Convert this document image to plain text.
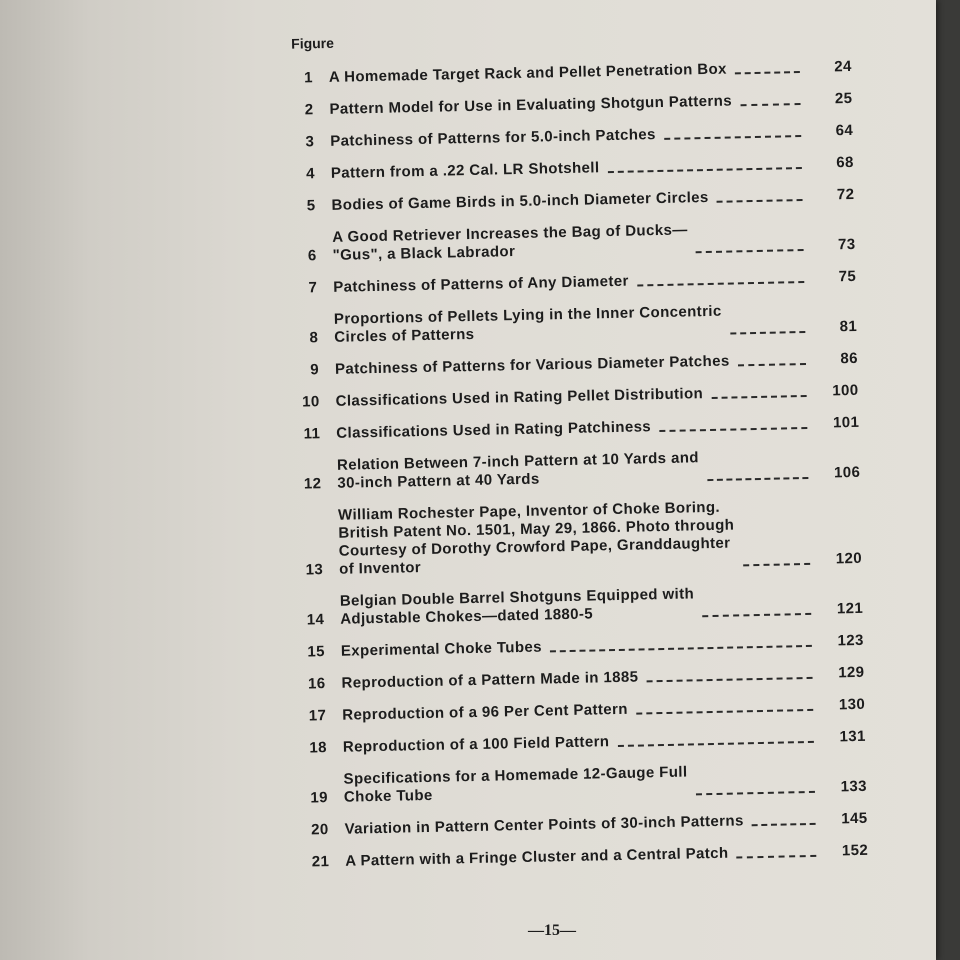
Figure
1 A Homemade Target Rack and Pellet Penetration Box	24
2 Pattern Model for Use in Evaluating Shotgun Patterns	25
3 Patchiness of Patterns for 5.0-inch Patches	64
4 Pattern from a .22 Cal. LR Shotshell	68
5 Bodies of Game Birds in 5.0-inch Diameter Circles	72
6
A Good Retriever Increases the Bag of Ducks—
"Gus", a Black Labrador	73
7 Patchiness of Patterns of Any Diameter	75
8
Proportions of Pellets Lying in the Inner Concentric
Circles of Patterns	81
9 Patchiness of Patterns for Various Diameter Patches	86
10 Classifications Used in Rating Pellet Distribution	100
11 Classifications Used in Rating Patchiness	101
12
Relation Between 7-inch Pattern at 10 Yards and
30-inch Pattern at 40 Yards	106
13
William Rochester Pape, Inventor of Choke Boring.
British Patent No. 1501, May 29, 1866. Photo through
Courtesy of Dorothy Crowford Pape, Granddaughter
of Inventor
120
14
Belgian Double Barrel Shotguns Equipped with
Adjustable Chokes—dated 1880-5	121
15 Experimental Choke Tubes	123
16 Reproduction of a Pattern Made in 1885	129
17 Reproduction of a 96 Per Cent Pattern	130
18 Reproduction of a 100 Field Pattern	131
19
Specifications for a Homemade 12-Gauge Full
Choke Tube
133
20 Variation in Pattern Center Points of 30-inch Patterns	145
21 A Pattern with a Fringe Cluster and a Central Patch	152
—15—
